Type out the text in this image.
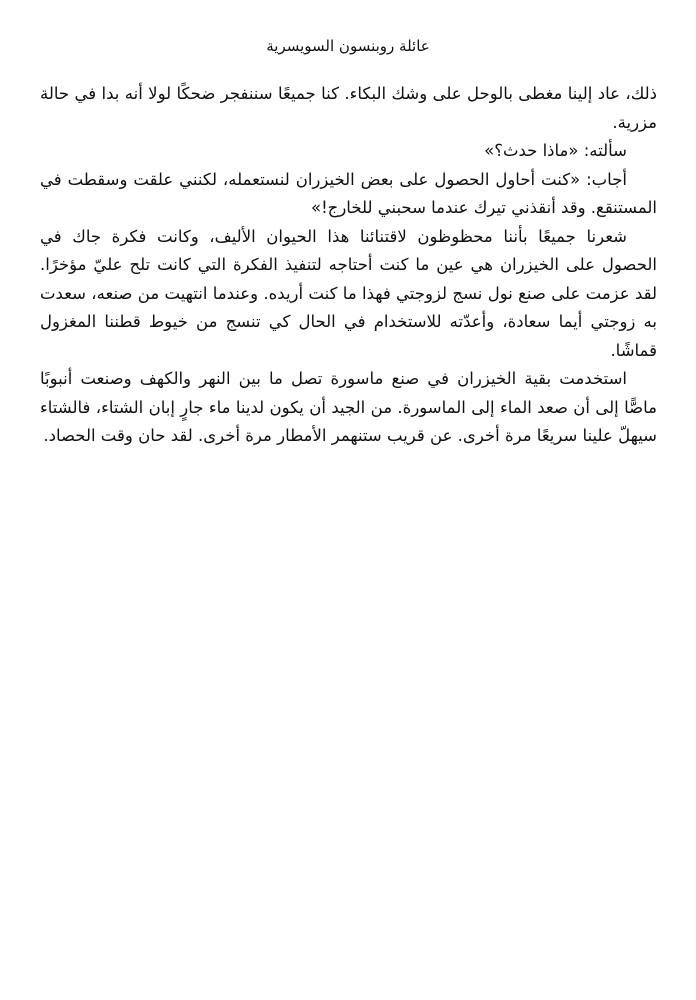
عائلة روبنسون السويسرية

ذلك، عاد إلينا مغطى بالوحل على وشك البكاء. كنا جميعًا سننفجر ضحكًا لولا أنه بدا في حالة مزرية.

سألته: «ماذا حدث؟»

أجاب: «كنت أحاول الحصول على بعض الخيزران لنستعمله، لكنني علقت وسقطت في المستنقع. وقد أنقذني تيرك عندما سحبني للخارج!»

شعرنا جميعًا بأننا محظوظون لاقتنائنا هذا الحيوان الأليف، وكانت فكرة جاك في الحصول على الخيزران هي عين ما كنت أحتاجه لتنفيذ الفكرة التي كانت تلح عليّ مؤخرًا. لقد عزمت على صنع نول نسج لزوجتي فهذا ما كنت أريده. وعندما انتهيت من صنعه، سعدت به زوجتي أيما سعادة، وأعدّته للاستخدام في الحال كي تنسج من خيوط قطننا المغزول قماشًا.

استخدمت بقية الخيزران في صنع ماسورة تصل ما بين النهر والكهف وصنعت أنبوبًا ماصًّا إلى أن صعد الماء إلى الماسورة. من الجيد أن يكون لدينا ماء جارٍ إبان الشتاء، فالشتاء سيهلّ علينا سريعًا مرة أخرى. عن قريب ستنهمر الأمطار مرة أخرى. لقد حان وقت الحصاد.
